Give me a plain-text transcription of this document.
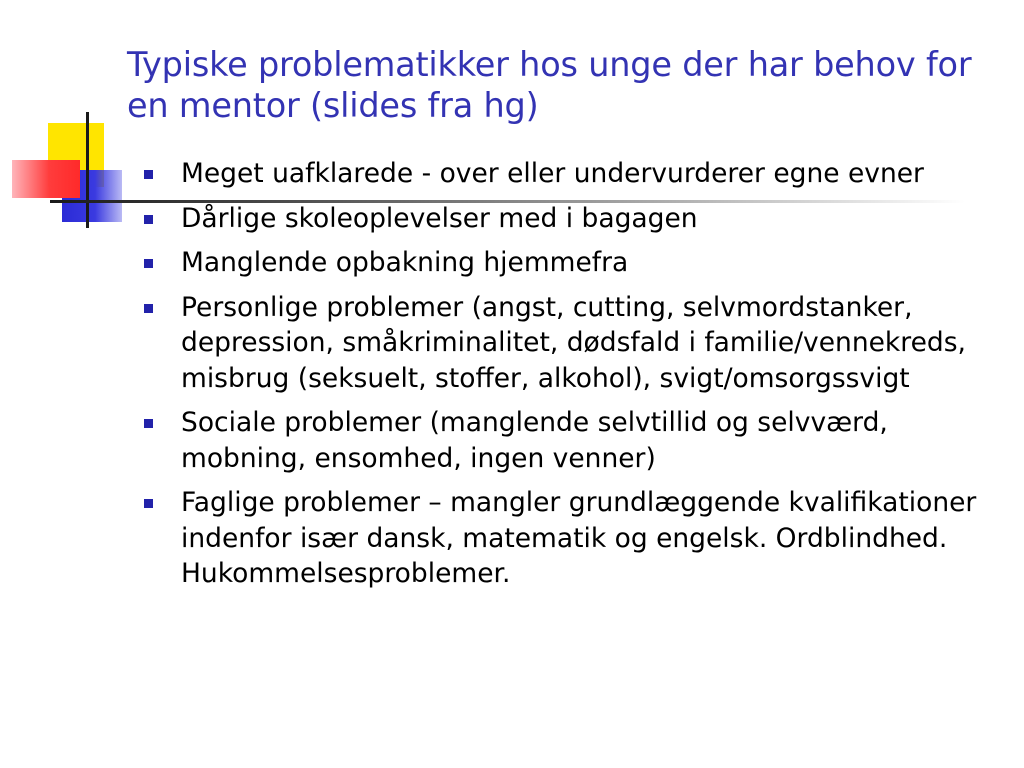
Typiske problematikker hos unge der har behov for en mentor (slides fra hg)
Meget uafklarede - over eller undervurderer egne evner
Dårlige skoleoplevelser med i bagagen
Manglende opbakning hjemmefra
Personlige problemer (angst, cutting, selvmordstanker, depression, småkriminalitet, dødsfald i familie/vennekreds, misbrug (seksuelt, stoffer, alkohol), svigt/omsorgssvigt
Sociale problemer (manglende selvtillid og selvværd, mobning, ensomhed, ingen venner)
Faglige problemer – mangler grundlæggende kvalifikationer indenfor især dansk, matematik og engelsk. Ordblindhed. Hukommelsesproblemer.
